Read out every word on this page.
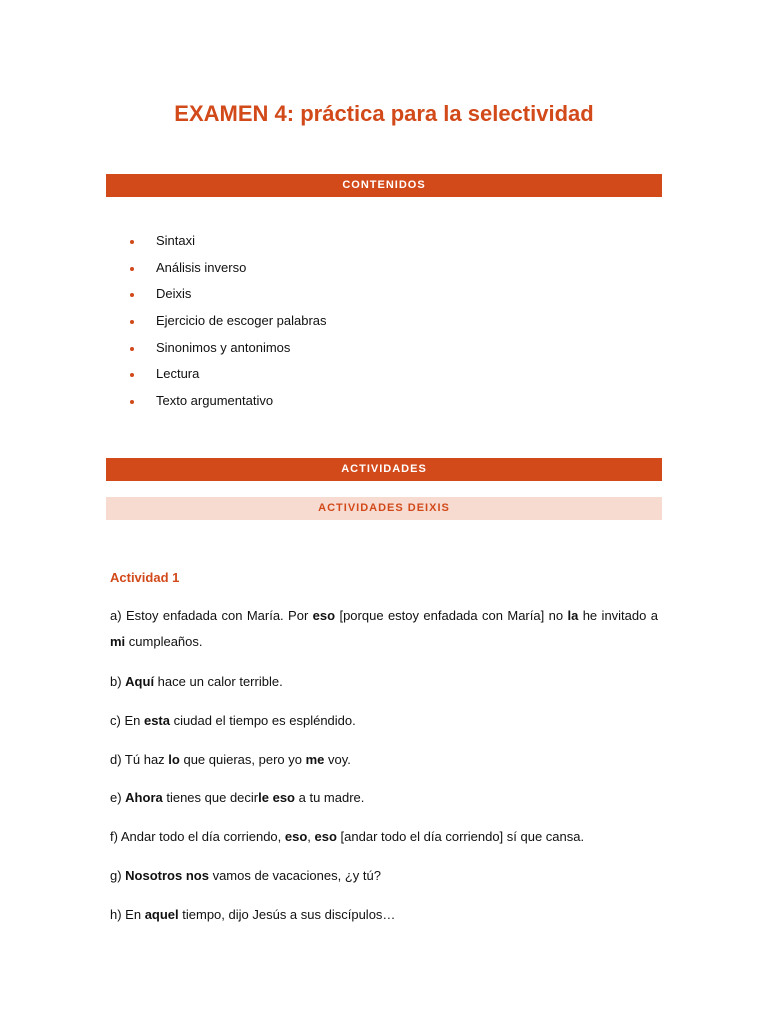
EXAMEN 4: práctica para la selectividad
CONTENIDOS
Sintaxi
Análisis inverso
Deixis
Ejercicio de escoger palabras
Sinonimos y antonimos
Lectura
Texto argumentativo
ACTIVIDADES
ACTIVIDADES DEIXIS
Actividad 1

a) Estoy enfadada con María. Por eso [porque estoy enfadada con María] no la he invitado a mi cumpleaños.

b) Aquí hace un calor terrible.

c) En esta ciudad el tiempo es espléndido.

d) Tú haz lo que quieras, pero yo me voy.

e) Ahora tienes que decirle eso a tu madre.

f) Andar todo el día corriendo, eso, eso [andar todo el día corriendo] sí que cansa.

g) Nosotros nos vamos de vacaciones, ¿y tú?

h) En aquel tiempo, dijo Jesús a sus discípulos…
